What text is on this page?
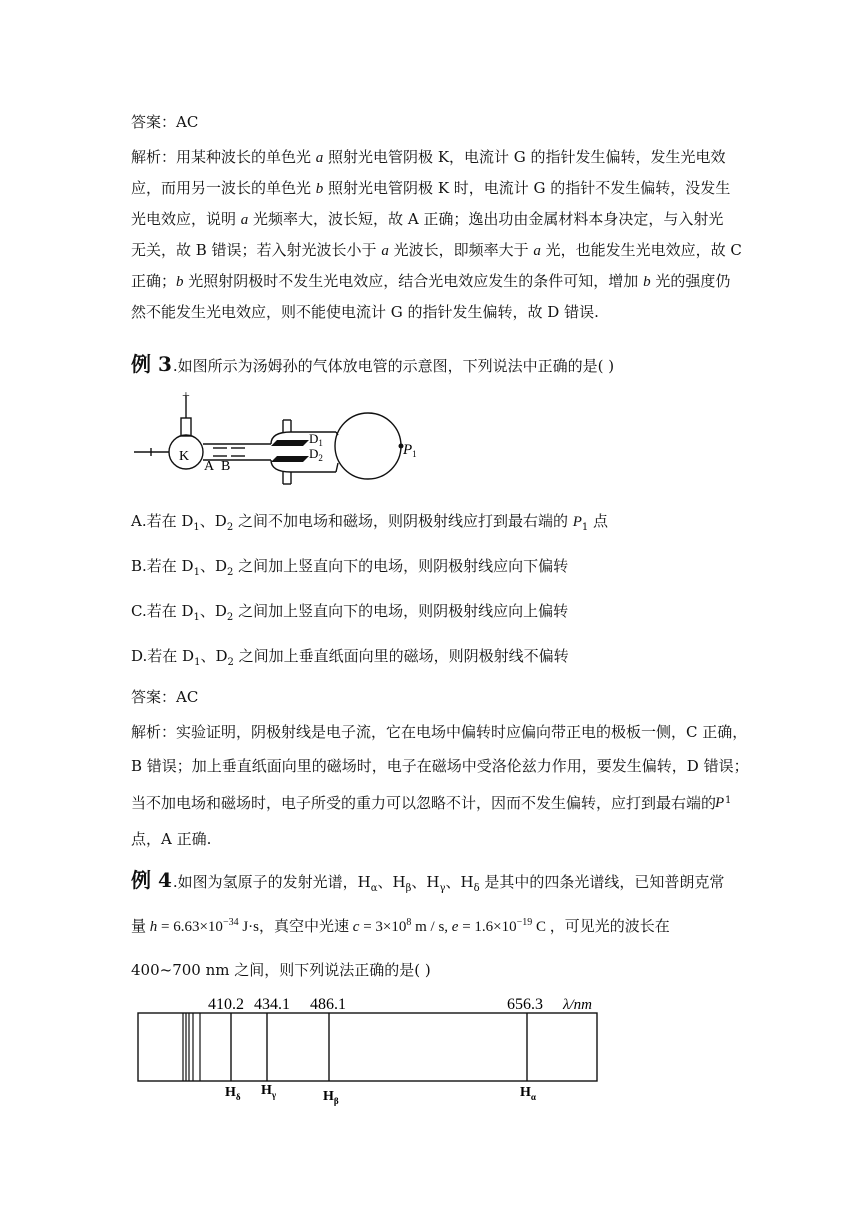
答案：AC
解析：用某种波长的单色光 a 照射光电管阴极 K，电流计 G 的指针发生偏转，发生光电效
应，而用另一波长的单色光 b 照射光电管阴极 K 时，电流计 G 的指针不发生偏转，没发生
光电效应，说明 a 光频率大，波长短，故 A 正确；逸出功由金属材料本身决定，与入射光
无关，故 B 错误；若入射光波长小于 a 光波长，即频率大于 a 光，也能发生光电效应，故 C
正确；b 光照射阴极时不发生光电效应，结合光电效应发生的条件可知，增加 b 光的强度仍
然不能发生光电效应，则不能使电流计 G 的指针发生偏转，故 D 错误.
例 3.如图所示为汤姆孙的气体放电管的示意图，下列说法中正确的是( )
+
K
A B
$D_1$
$D_2$	$P_1$
A.若在 $D_1$、$D_2$ 之间不加电场和磁场，则阴极射线应打到最右端的 $P_1$ 点
B.若在 $D_1$、$D_2$ 之间加上竖直向下的电场，则阴极射线应向下偏转
C.若在 $D_1$、$D_2$ 之间加上竖直向下的电场，则阴极射线应向上偏转
D.若在 $D_1$、$D_2$ 之间加上垂直纸面向里的磁场，则阴极射线不偏转
答案：AC
解析：实验证明，阴极射线是电子流，它在电场中偏转时应偏向带正电的极板一侧，C 正确，
B 错误；加上垂直纸面向里的磁场时，电子在磁场中受洛伦兹力作用，要发生偏转，D 错误；
当不加电场和磁场时，电子所受的重力可以忽略不计，因而不发生偏转，应打到最右端的
P 1
点，A 正确.
例 4.如图为氢原子的发射光谱，$H_\alpha$、$H_\beta$、$H_\gamma$、$H_\delta$ 是其中的四条光谱线，已知普朗克常
量 $h = 6.63\times 10^{-34}$ J·s，真空中光速 $c = 3\times 10^8$ m / s, $e = 1.6\times 10^{-19}$ C ，可见光的波长在
400~700 nm 之间，则下列说法正确的是( )
410.2 434.1 486.1	656.3 λ/nm
$H_\delta$ $H_\gamma$	$H_\beta$
$H_\alpha$
